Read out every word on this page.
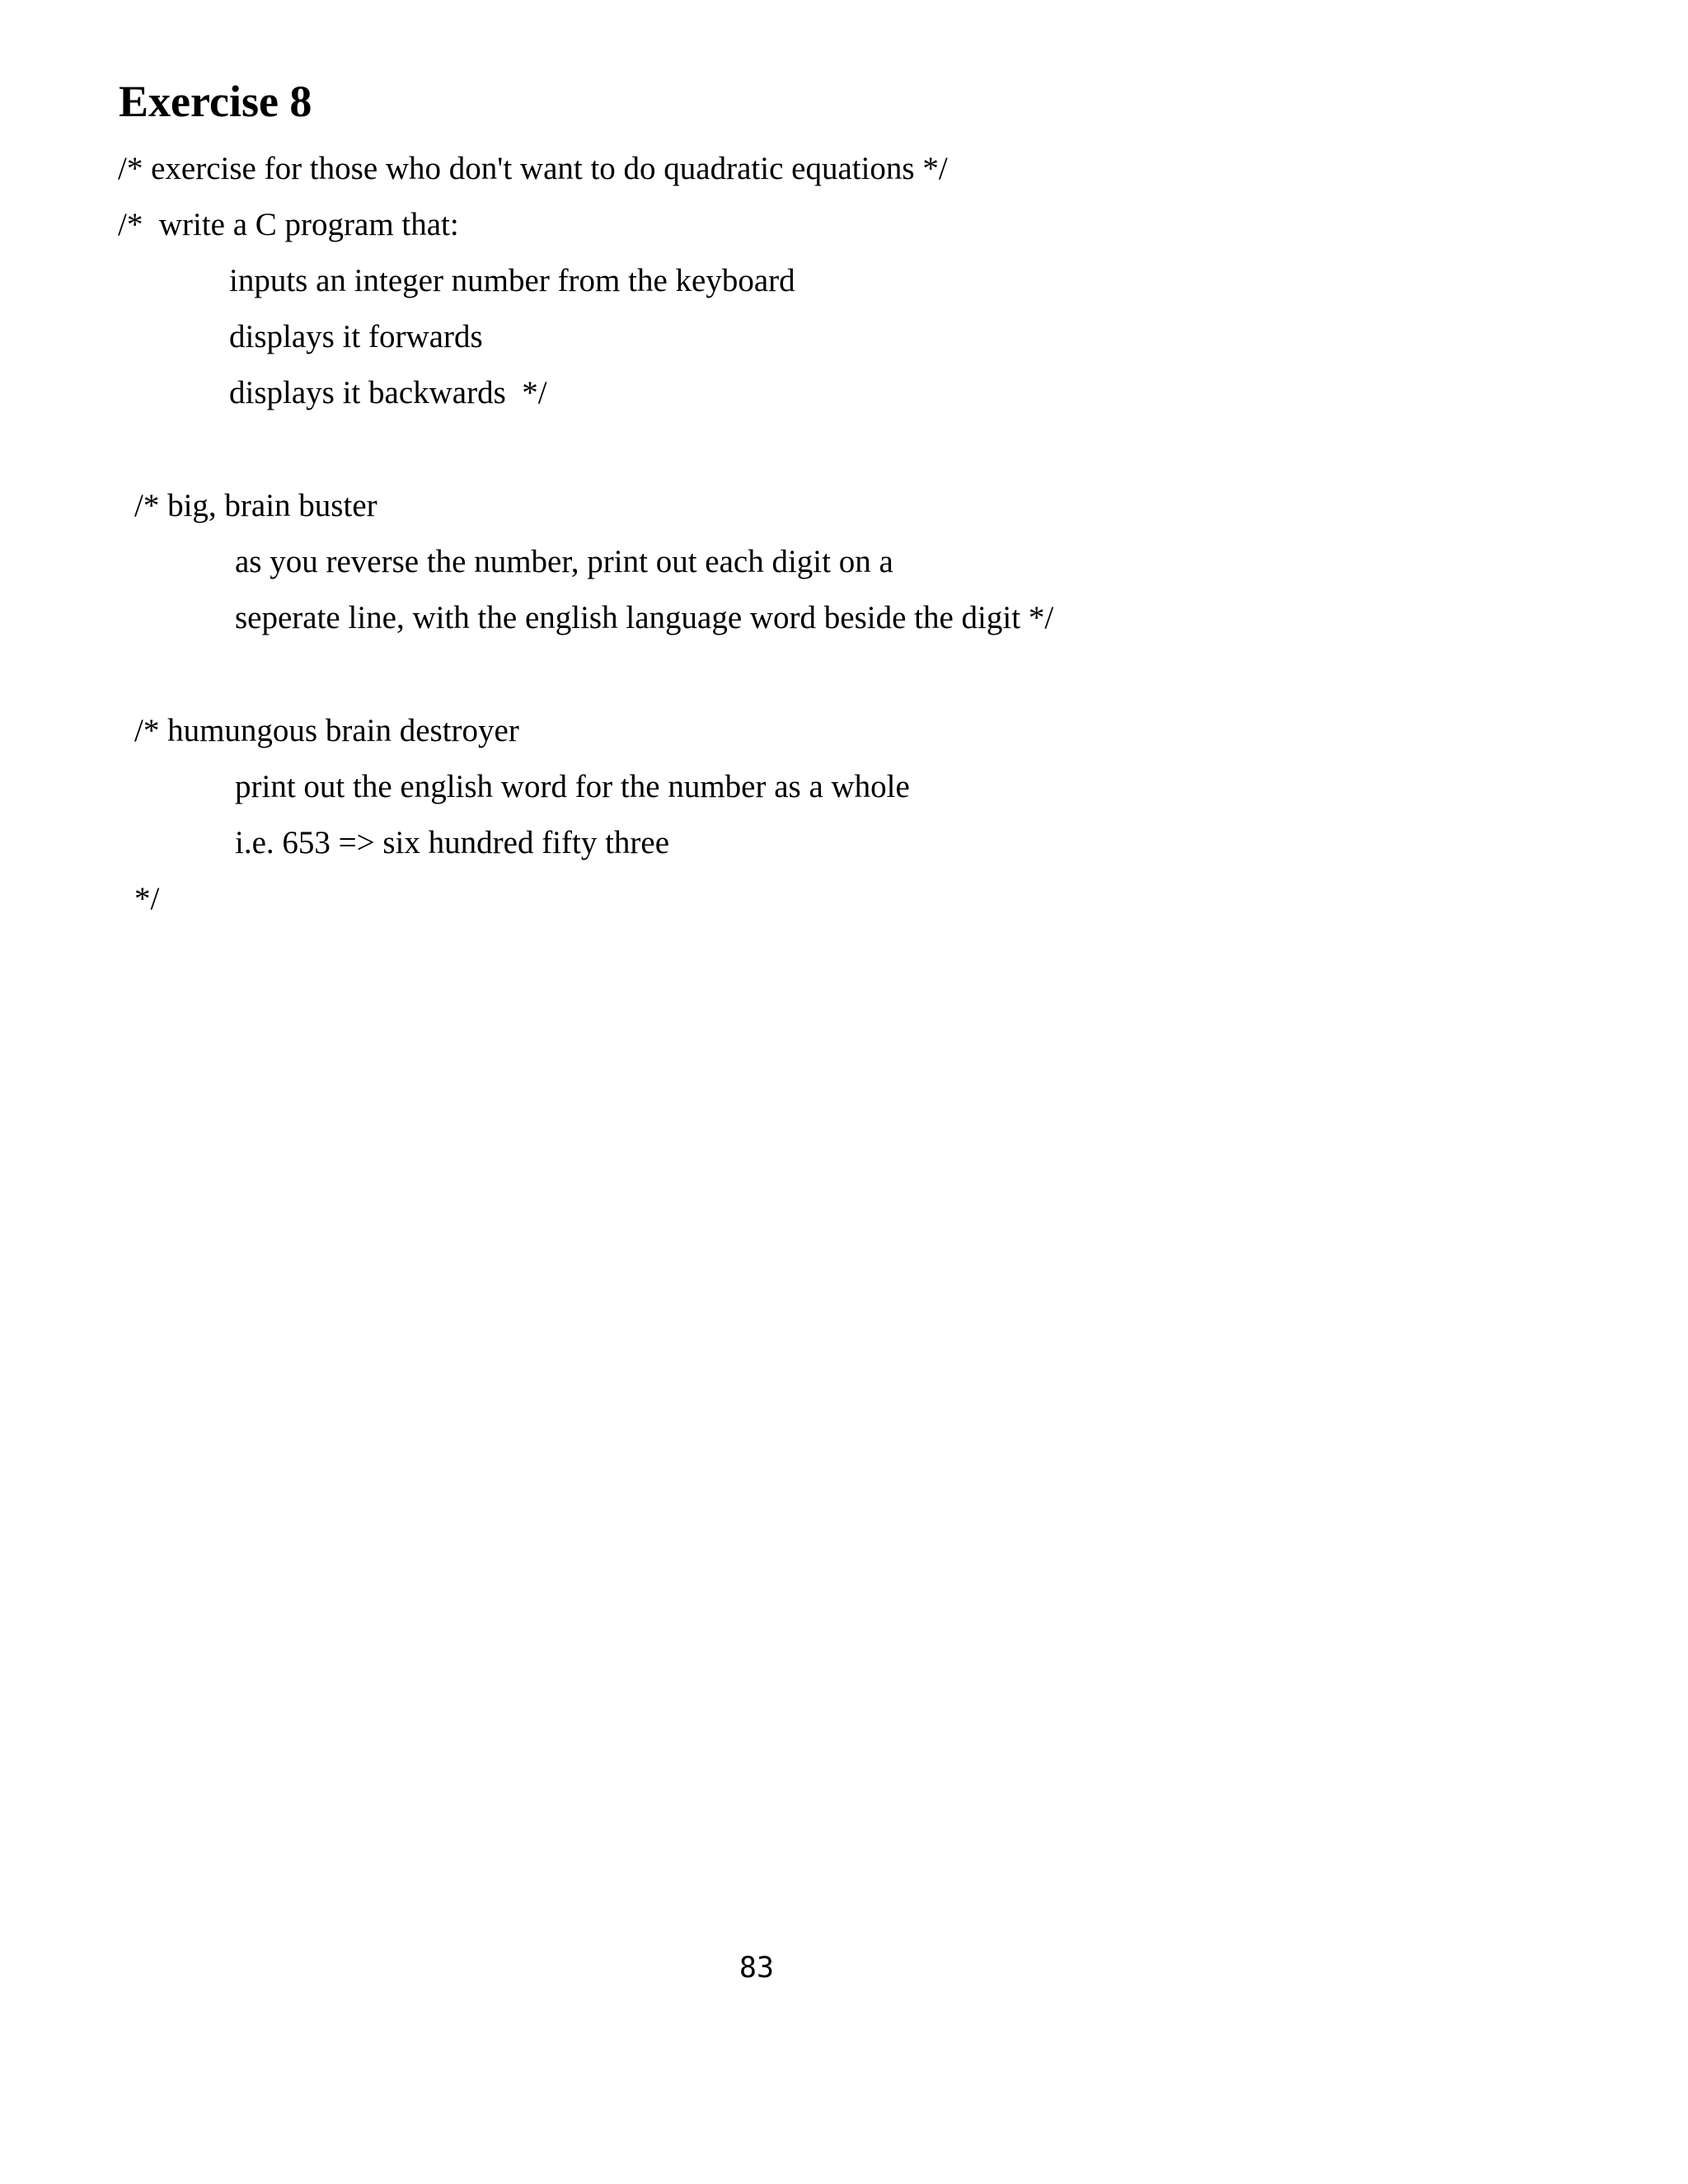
Exercise 8
/* exercise for those who don't want to do quadratic equations */
/*  write a C program that:
inputs an integer number from the keyboard
displays it forwards
displays it backwards  */
/* big, brain buster
as you reverse the number, print out each digit on a
seperate line, with the english language word beside the digit */
/* humungous brain destroyer
print out the english word for the number as a whole
i.e. 653 => six hundred fifty three
*/
83
